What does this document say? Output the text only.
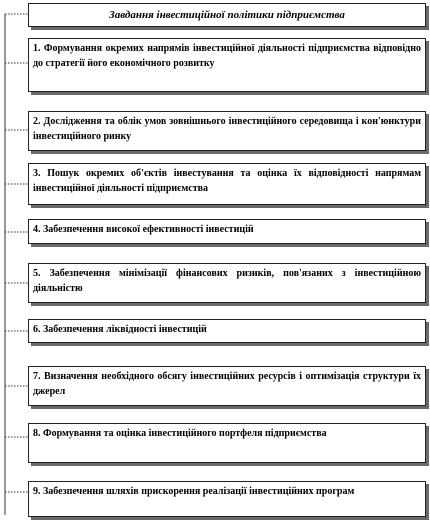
Завдання інвестиційної політики підприємства
1. Формування окремих напрямів інвестиційної діяльності підприємства відповідно до стратегії його економічного розвитку
2. Дослідження та облік умов зовнішнього інвестиційного середовища і кон'юнктури інвестиційного ринку
3. Пошук окремих об'єктів інвестування та оцінка їх відповідності напрямам інвестиційної діяльності підприємства
4. Забезпечення високої ефективності інвестицій
5. Забезпечення мінімізації фінансових ризиків, пов'язаних з інвестиційною діяльністю
6. Забезпечення ліквідності інвестицій
7. Визначення необхідного обсягу інвестиційних ресурсів і оптимізація структури їх джерел
8. Формування та оцінка інвестиційного портфеля підприємства
9. Забезпечення шляхів прискорення реалізації інвестиційних програм
